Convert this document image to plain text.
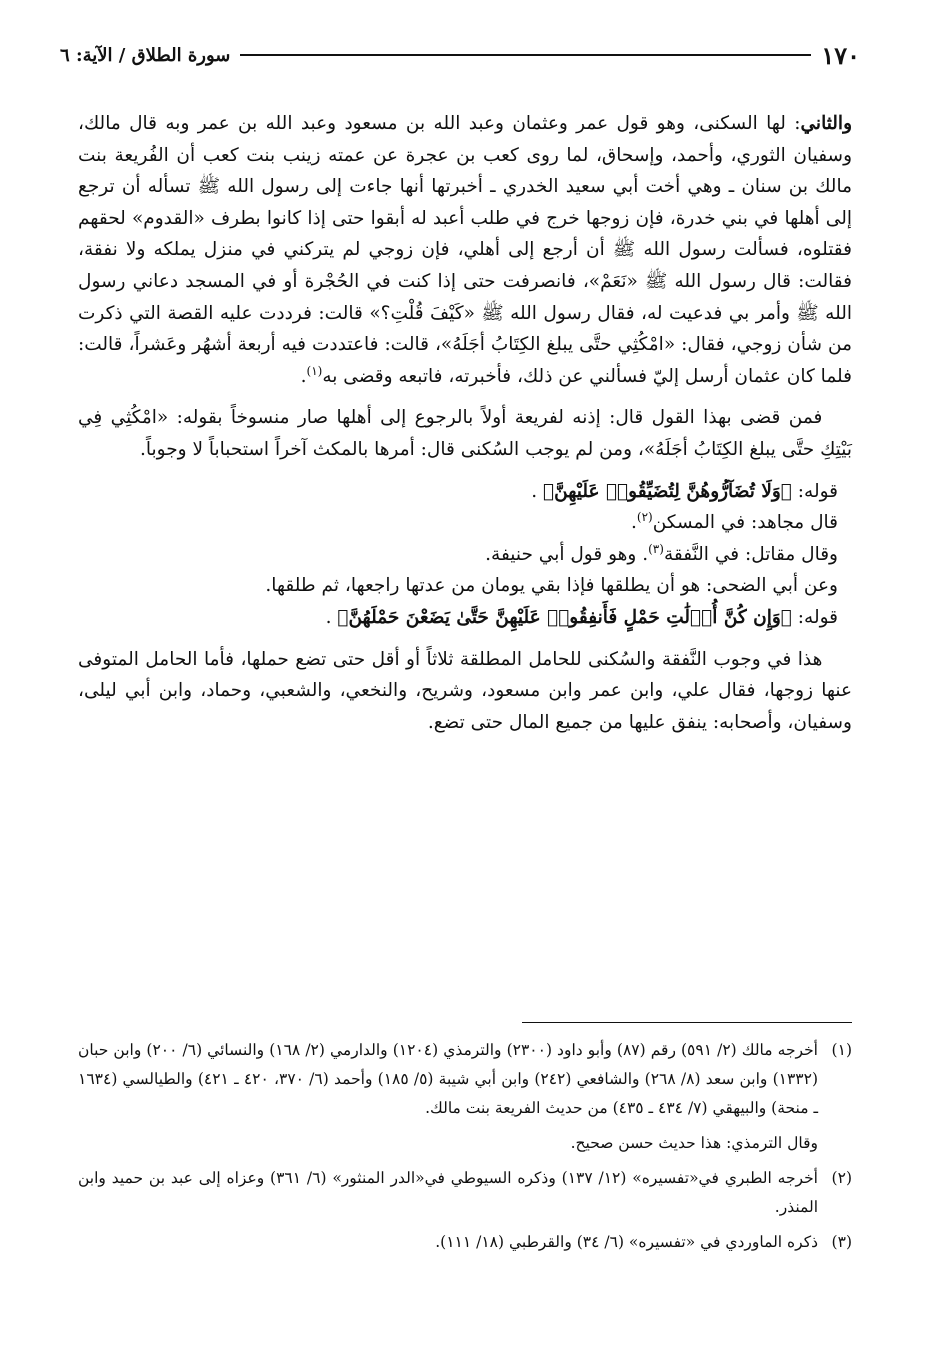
١٧٠
سورة الطلاق / الآية: ٦

والثاني: لها السكنى، وهو قول عمر وعثمان وعبد الله بن مسعود وعبد الله بن عمر وبه قال مالك، وسفيان الثوري، وأحمد، وإسحاق، لما روى كعب بن عجرة عن عمته زينب بنت كعب أن الفُريعة بنت مالك بن سنان ـ وهي أخت أبي سعيد الخدري ـ أخبرتها أنها جاءت إلى رسول الله ﷺ تسأله أن ترجع إلى أهلها في بني خدرة، فإن زوجها خرج في طلب أعبد له أبقوا حتى إذا كانوا بطرف «القدوم» لحقهم فقتلوه، فسألت رسول الله ﷺ أن أرجع إلى أهلي، فإن زوجي لم يتركني في منزل يملكه ولا نفقة، فقالت: قال رسول الله ﷺ «نَعَمْ»، فانصرفت حتى إذا كنت في الحُجْرة أو في المسجد دعاني رسول الله ﷺ وأمر بي فدعيت له، فقال رسول الله ﷺ «كَيْفَ قُلْتِ؟» قالت: فرددت عليه القصة التي ذكرت من شأن زوجي، فقال: «امْكُثِي حتَّى يبلغ الكِتَابُ أجَلَهُ»، قالت: فاعتددت فيه أربعة أشهُر وعَشراً، قالت: فلما كان عثمان أرسل إليّ فسألني عن ذلك، فأخبرته، فاتبعه وقضى به$^{(١)}$.

فمن قضى بهذا القول قال: إذنه لفريعة أولاً بالرجوع إلى أهلها صار منسوخاً بقوله: «امْكُثِي فِي بَيْتِكِ حتَّى يبلغ الكِتَابُ أجَلَهُ»، ومن لم يوجب السُكنى قال: أمرها بالمكث آخراً استحباباً لا وجوباً.

قوله: ﴿وَلَا تُضَآرُّوهُنَّ لِتُضَيِّقُوا۟ عَلَيْهِنَّ﴾ .

قال مجاهد: في المسكن$^{(٢)}$.

وقال مقاتل: في النَّفقة$^{(٣)}$. وهو قول أبي حنيفة.

وعن أبي الضحى: هو أن يطلقها فإذا بقي يومان من عدتها راجعها، ثم طلقها.

قوله: ﴿وَإِن كُنَّ أُو۟لَٰتِ حَمْلٍ فَأَنفِقُوا۟ عَلَيْهِنَّ حَتَّىٰ يَضَعْنَ حَمْلَهُنَّ﴾ .

هذا في وجوب النَّفقة والسُكنى للحامل المطلقة ثلاثاً أو أقل حتى تضع حملها، فأما الحامل المتوفى عنها زوجها، فقال علي، وابن عمر وابن مسعود، وشريح، والنخعي، والشعبي، وحماد، وابن أبي ليلى، وسفيان، وأصحابه: ينفق عليها من جميع المال حتى تضع.

(١)
أخرجه مالك (٢/ ٥٩١) رقم (٨٧) وأبو داود (٢٣٠٠) والترمذي (١٢٠٤) والدارمي (٢/ ١٦٨) والنسائي (٦/ ٢٠٠) وابن حبان (١٣٣٢) وابن سعد (٨/ ٢٦٨) والشافعي (٢٤٢) وابن أبي شيبة (٥/ ١٨٥) وأحمد (٦/ ٣٧٠، ٤٢٠ ـ ٤٢١) والطيالسي (١٦٣٤ ـ منحة) والبيهقي (٧/ ٤٣٤ ـ ٤٣٥) من حديث الفريعة بنت مالك.
وقال الترمذي: هذا حديث حسن صحيح.
(٢)
أخرجه الطبري في«تفسيره» (١٢/ ١٣٧) وذكره السيوطي في«الدر المنثور» (٦/ ٣٦١) وعزاه إلى عبد بن حميد وابن المنذر.
(٣)
ذكره الماوردي في «تفسيره» (٦/ ٣٤) والقرطبي (١٨/ ١١١).
